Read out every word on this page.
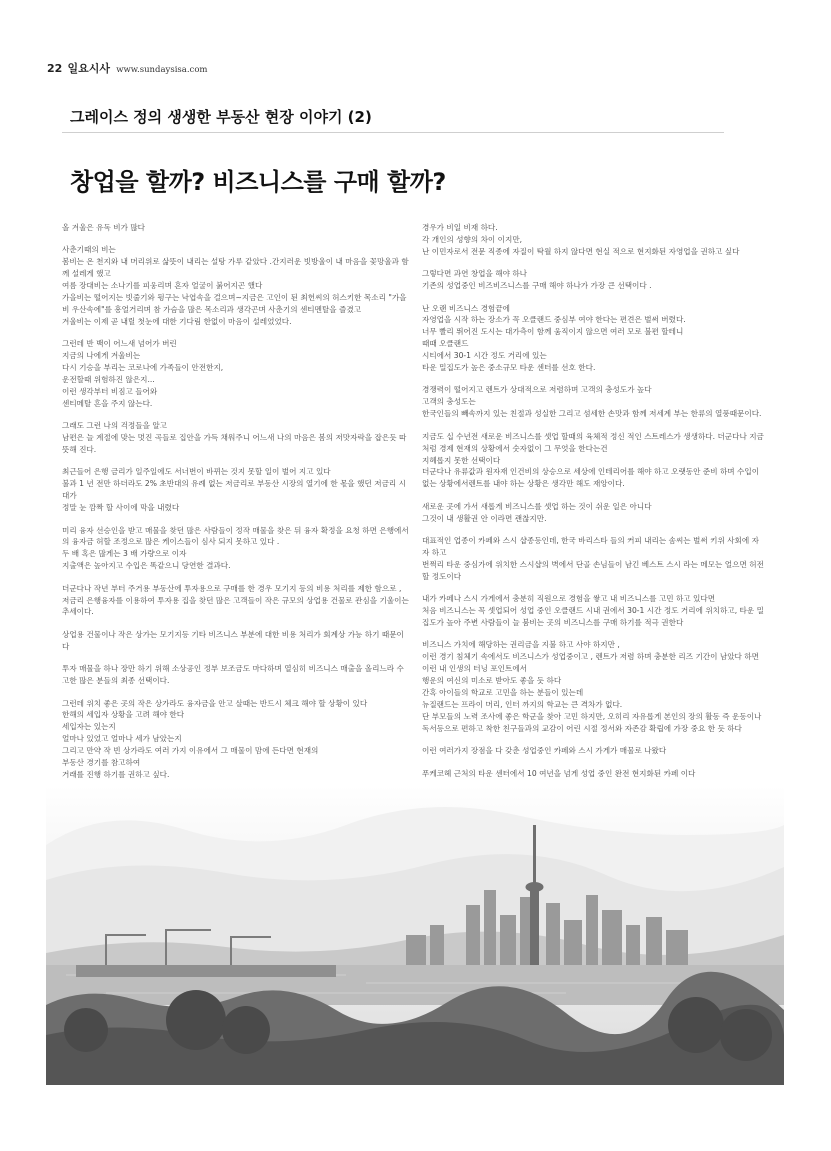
22 일요시사 www.sundaysisa.com
그레이스 정의 생생한 부동산 현장 이야기 (2)
창업을 할까? 비즈니스를 구매 할까?

올 겨울은 유독 비가 많다

사춘기때의 비는
봄비는 온 천지와 내 머리위로 삶뜻이 내리는 설탕 가루 같았다 .간지러운 빗방울이 내 마음을 꽃망울과 함께 설레게 했고
여름 장대비는 소나기를 피웅리며 혼자 얼굴이 붉어지곤 했다
가을비는 떨어지는 빗줄기와 뒹구는 낙엽속을 걸으며~지금은 고인이 된 최헌씨의 허스키한 목소리 "가을비 우산속에"를 흥얼거리며 참 가슴을 많은 목소리과 생각곤며 사춘기의 센티멘탈을 즐겼고
겨울비는 이제 곧 내릴 첫눈에 대한 기다림 한없이 마음이 설레었었다.

그런데 반 백이 어느새 넘어가 버린
지금의 나에게 겨울비는
다시 기승을 부리는 코로나에 가족들이 안전한지,
운전할때 위험하진 않은지...
이런 생각부터 비짐고 들어와
센티메탈 흔을 주지 않는다.

그래도 그런 나의 걱정들을 알고
남편은 늘 계절에 맞는 멋진 곡들로 집안을 가득 채워주니 어느새 나의 마음은 봄의 저맛자락을 잡은듯 따뜻해 진다.

최근들어 은행 금리가 일주일에도 서너번이 바뀌는 것지 못할 일이 벌어 지고 있다
불과 1 년 전만 하더라도 2% 초반대의 유례 없는 저금리로 부동산 시장의 열기에 한 몫을 했던 저금리 시대가
정말 눈 깜짝 할 사이에 막을 내렸다

미리 융자 선승인을 받고 매물을 찾던 많은 사람들이 정작 매물을 찾은 뒤 융자 확정을 요청 하면 은행에서의 융자금 허할 조정으로 많은 케이스들이 심사 되지 못하고 있다 .
두 배 혹은 많게는 3 배 가량으로 이자
지출액은 높아지고 수입은 똑같으니 당연한 결과다.

더군다나 작년 부터 주거용 부동산에 투자용으로 구매를 한 경우 모기지 등의 비용 처리를 제한 함으로 , 저금리 은행융자를 이용하여 투자용 집을 찾던 많은 고객들이 작은 규모의 상업용 건물로 관심을 기울이는 추세이다.

상업용 건물이나 작은 상가는 모기지등 기타 비즈니스 부분에 대한 비용 처리가 회계상 가능 하기 때문이다

투자 매물을 하나 장만 하기 위해 소상공인 정부 보조금도 마다하며 열심히 비즈니스 매출을 올리느라 수고한 많은 분들의 최종 선택이다.

그런데 위치 좋은 곳의 작은 상가라도 융자금을 안고 살때는 반드시 체크 해야 할 상황이 있다
한해의 세입자 상황을 고려 해야 한다
세입자는 있는지
얼마나 있었고 얼마나 세가 남았는지
그리고 만약 작 빈 상가라도 여러 가지 이유에서 그 매물이 맘에 든다면 현재의
부동산 경기를 참고하여
거래를 진행 하기를 권하고 싶다.

경우가 비일 비재 하다.
각 개인의 성향의 차이 이지만,
난 이민자로서 전문 직종에 자질이 탁월 하지 않다면 현실 적으로 현지화된 자영업을 권하고 싶다

그렇다면 과연 창업을 해야 하나
기존의 성업중인 비즈비즈니스를 구매 해야 하나가 가장 큰 선택이다 .

난 오랜 비즈니스 경험끝에
자영업을 시작 하는 장소가 꼭 오클랜드 중심부 여야 한다는 편견은 벌써 버렸다.
너무 빨리 뛰어진 도시는 대가측이 함께 움직이지 않으면 여러 모로 불편 할테니
때때 오클랜드
시티에서 30-1 시간 정도 거리에 있는
타운 밀집도가 높은 중소규모 타운 센터를 선호 한다.

경쟁력이 떨어지고 렌트가 상대적으로 저렴하며 고객의 충성도가 높다
고객의 충성도는
한국인들의 빼속까지 있는 친절과 성실한 그리고 섬세한 손맛과 함께 저세계 부는 한류의 열풍때문이다.

지금도 십 수년전 새로운 비즈니스를 셋업 할때의 육체적 정신 적인 스트레스가 생생하다. 더군다나 지금 처럼 경제 현재의 상황에서 숫자없이 그 무엇을 한다는건
지혜롭지 못한 선택이다
더군다나 유류값과 원자재 인건비의 상승으로 세상에 인테리어를 해야 하고 오랫동안 준비 하며 수입이 없는 상황에서렌트를 내야 하는 상황은 생각만 해도 재앙이다.

새로운 곳에 가서 새롭게 비즈니스를 셋업 하는 것이 쉬운 일은 아니다
그것이 내 생활권 안 이라면 괜찮지만.

대표적인 업종이 카페와 스시 샵종등인데, 한국 바리스타 들의 커피 내리는 솜씨는 벌써 키위 사회에 자자 하고
번쩍리 타운 중심가에 위치한 스시샵의 벽에서 단골 손님들이 남긴 베스트 스시 라는 메모는 얼으면 허전할 정도이다

내가 카페나 스시 가게에서 충분히 직원으로 경험을 쌓고 내 비즈니스를 고민 하고 있다면
처음 비즈니스는 꼭 셋업되어 성업 중인 오클랜드 시내 권에서 30-1 시간 정도 거리에 위치하고, 타운 밀집도가 높아 주변 사람들이 늘 붐비는 곳의 비즈니스를 구매 하기를 적극 권한다

비즈니스 가치에 해당하는 권리금을 지불 하고 사야 하지만 ,
이런 경기 침체기 속에서도 비즈니스가 성업중이고 , 렌트가 저렴 하며 충분한 리즈 기간이 남았다 하면
이런 내 인생의 터닝 포인트에서
행운의 여신의 미소로 받아도 좋을 듯 하다
간혹 아이들의 학교로 고민을 하는 분들이 있는데
뉴질랜드는 프라이 머리, 인터 까지의 학교는 큰 격차가 없다.
단 부모들의 노력 조사에 좋은 학군을 찾아 고민 하지만, 오히리 자유롭게 본인의 장의 활동 즉 운동이나 독서등으로 편하고 착한 친구들과의 교감이 어린 시절 정서와 자존감 확립에 가장 중요 한 듯 하다

이런 여러가지 장점을 다 갖춘 성업중인 카페와 스시 가게가 매물로 나왔다

푸케코헤 근처의 타운 센터에서 10 여년을 넘게 성업 중인 완전 현지화된 카페 이다
